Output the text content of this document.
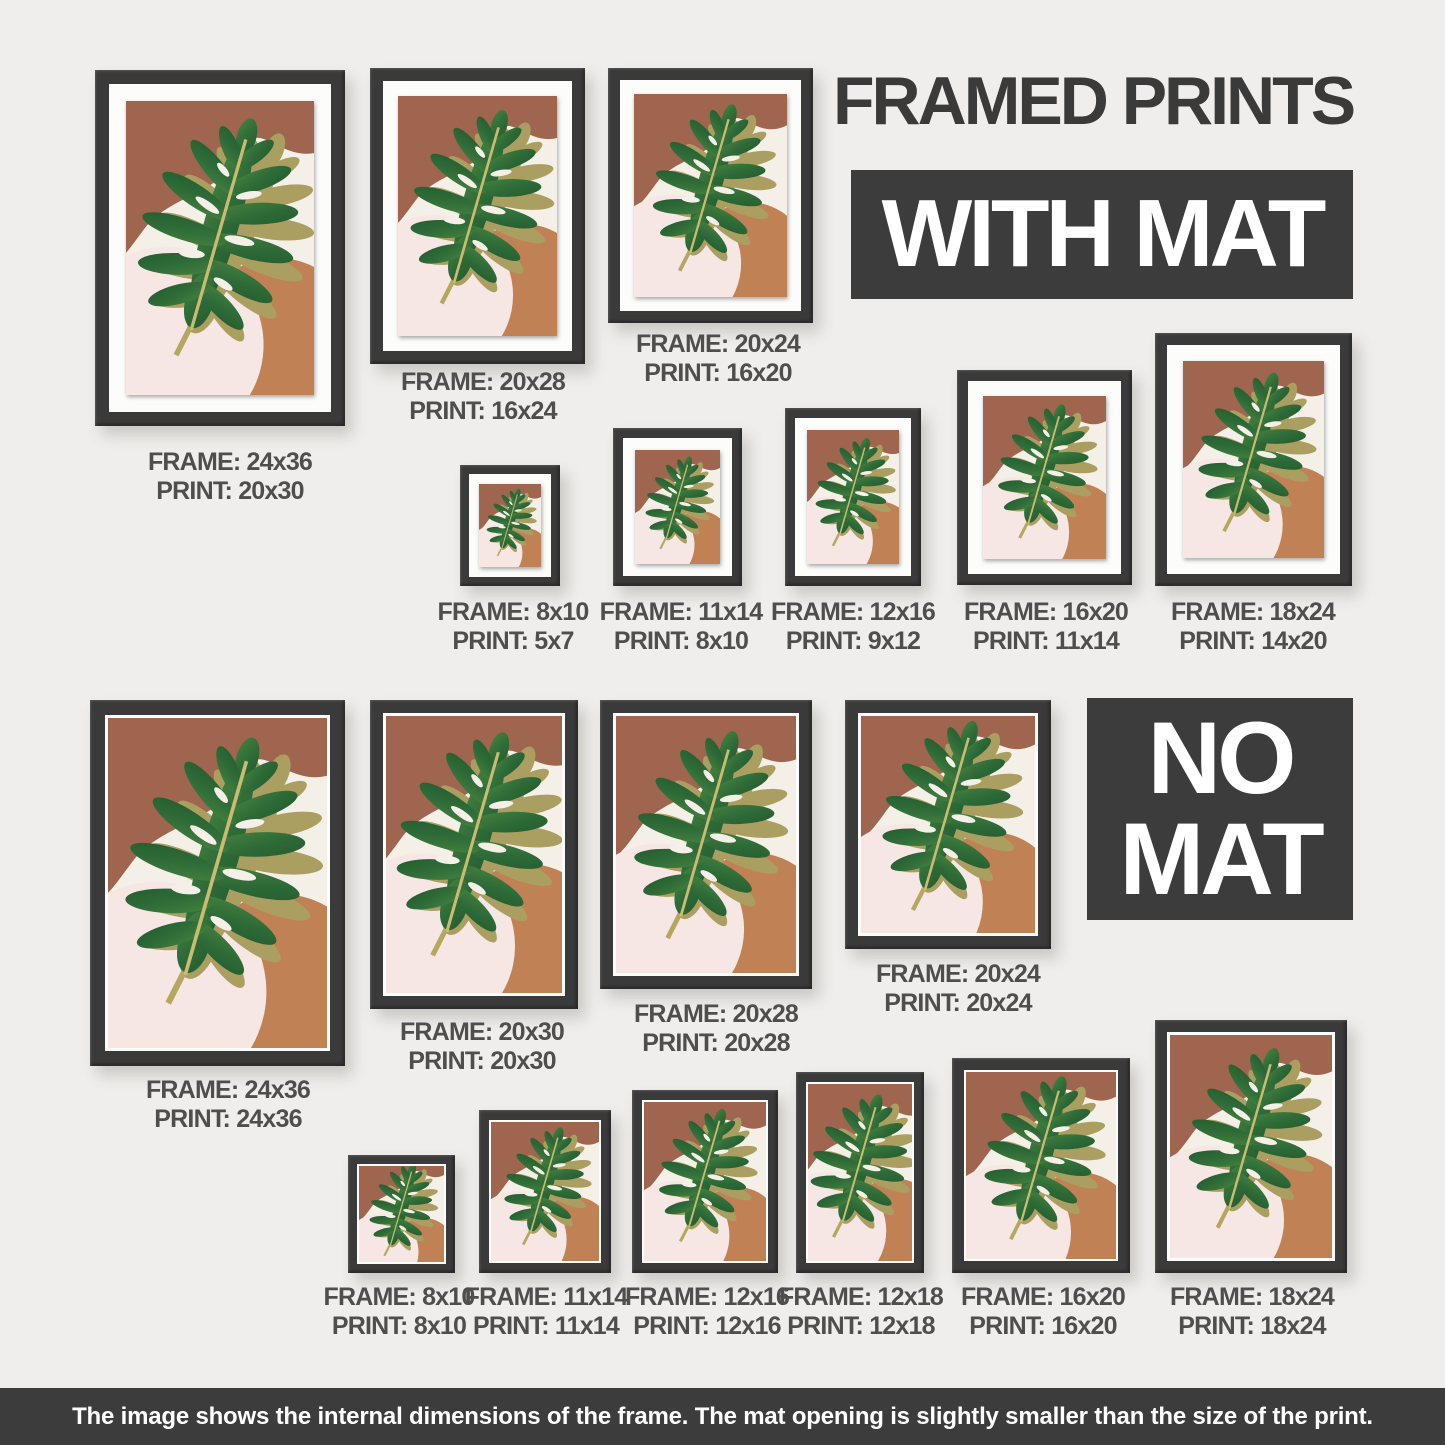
FRAMED PRINTS
WITH MAT
FRAME: 24x36
PRINT: 20x30
FRAME: 20x28
PRINT: 16x24
FRAME: 20x24
PRINT: 16x20
FRAME: 8x10
PRINT: 5x7
FRAME: 11x14
PRINT: 8x10
FRAME: 12x16
PRINT: 9x12
FRAME: 16x20
PRINT: 11x14
FRAME: 18x24
PRINT: 14x20
NO
MAT
FRAME: 24x36
PRINT: 24x36
FRAME: 20x30
PRINT: 20x30
FRAME: 20x28
PRINT: 20x28
FRAME: 20x24
PRINT: 20x24
FRAME: 8x10
PRINT: 8x10
FRAME: 11x14
PRINT: 11x14
FRAME: 12x16
PRINT: 12x16
FRAME: 12x18
PRINT: 12x18
FRAME: 16x20
PRINT: 16x20
FRAME: 18x24
PRINT: 18x24
The image shows the internal dimensions of the frame. The mat opening is slightly smaller than the size of the print.
